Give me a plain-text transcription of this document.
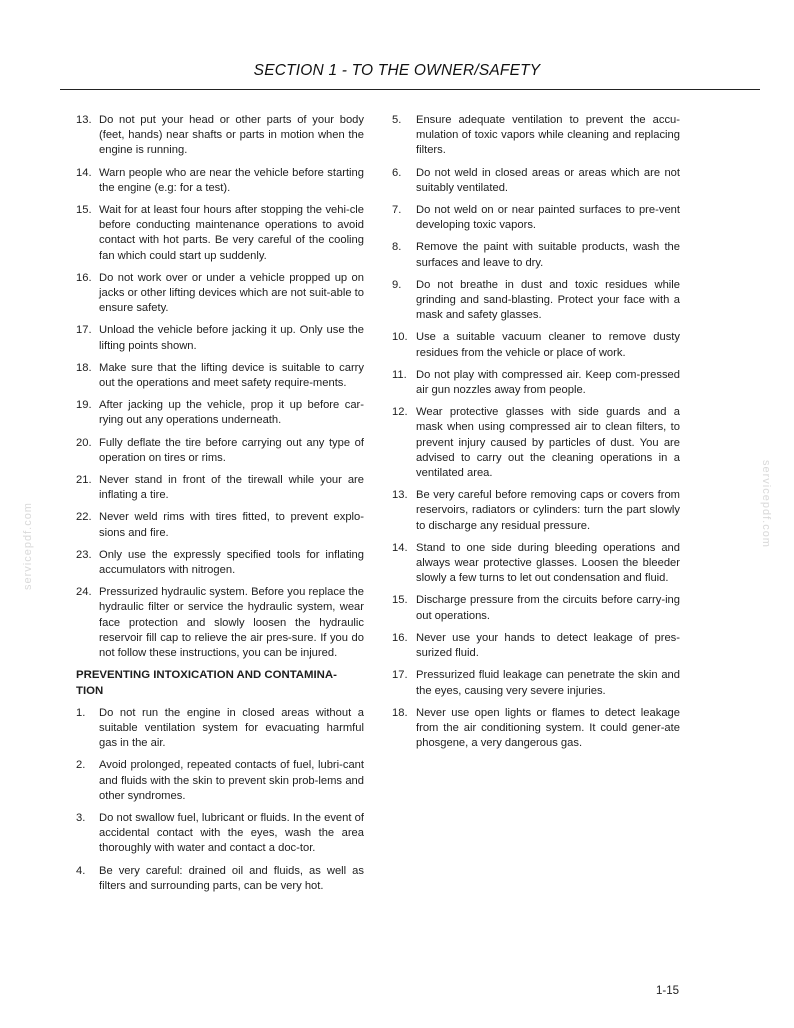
SECTION 1 - TO THE OWNER/SAFETY
13. Do not put your head or other parts of your body (feet, hands) near shafts or parts in motion when the engine is running.
14. Warn people who are near the vehicle before starting the engine (e.g: for a test).
15. Wait for at least four hours after stopping the vehi-cle before conducting maintenance operations to avoid contact with hot parts. Be very careful of the cooling fan which could start up suddenly.
16. Do not work over or under a vehicle propped up on jacks or other lifting devices which are not suit-able to ensure safety.
17. Unload the vehicle before jacking it up. Only use the lifting points shown.
18. Make sure that the lifting device is suitable to carry out the operations and meet safety require-ments.
19. After jacking up the vehicle, prop it up before car-rying out any operations underneath.
20. Fully deflate the tire before carrying out any type of operation on tires or rims.
21. Never stand in front of the tirewall while your are inflating a tire.
22. Never weld rims with tires fitted, to prevent explo-sions and fire.
23. Only use the expressly specified tools for inflating accumulators with nitrogen.
24. Pressurized hydraulic system. Before you replace the hydraulic filter or service the hydraulic system, wear face protection and slowly loosen the hydraulic reservoir fill cap to relieve the air pres-sure. If you do not follow these instructions, you can be injured.
PREVENTING INTOXICATION AND CONTAMINA-TION
1. Do not run the engine in closed areas without a suitable ventilation system for evacuating harmful gas in the air.
2. Avoid prolonged, repeated contacts of fuel, lubri-cant and fluids with the skin to prevent skin prob-lems and other syndromes.
3. Do not swallow fuel, lubricant or fluids. In the event of accidental contact with the eyes, wash the area thoroughly with water and contact a doc-tor.
4. Be very careful: drained oil and fluids, as well as filters and surrounding parts, can be very hot.
5. Ensure adequate ventilation to prevent the accu-mulation of toxic vapors while cleaning and replacing filters.
6. Do not weld in closed areas or areas which are not suitably ventilated.
7. Do not weld on or near painted surfaces to pre-vent developing toxic vapors.
8. Remove the paint with suitable products, wash the surfaces and leave to dry.
9. Do not breathe in dust and toxic residues while grinding and sand-blasting. Protect your face with a mask and safety glasses.
10. Use a suitable vacuum cleaner to remove dusty residues from the vehicle or place of work.
11. Do not play with compressed air. Keep com-pressed air gun nozzles away from people.
12. Wear protective glasses with side guards and a mask when using compressed air to clean filters, to prevent injury caused by particles of dust. You are advised to carry out the cleaning operations in a ventilated area.
13. Be very careful before removing caps or covers from reservoirs, radiators or cylinders: turn the part slowly to discharge any residual pressure.
14. Stand to one side during bleeding operations and always wear protective glasses. Loosen the bleeder slowly a few turns to let out condensation and fluid.
15. Discharge pressure from the circuits before carry-ing out operations.
16. Never use your hands to detect leakage of pres-surized fluid.
17. Pressurized fluid leakage can penetrate the skin and the eyes, causing very severe injuries.
18. Never use open lights or flames to detect leakage from the air conditioning system. It could gener-ate phosgene, a very dangerous gas.
1-15
servicepdf.com	servicepdf.com
